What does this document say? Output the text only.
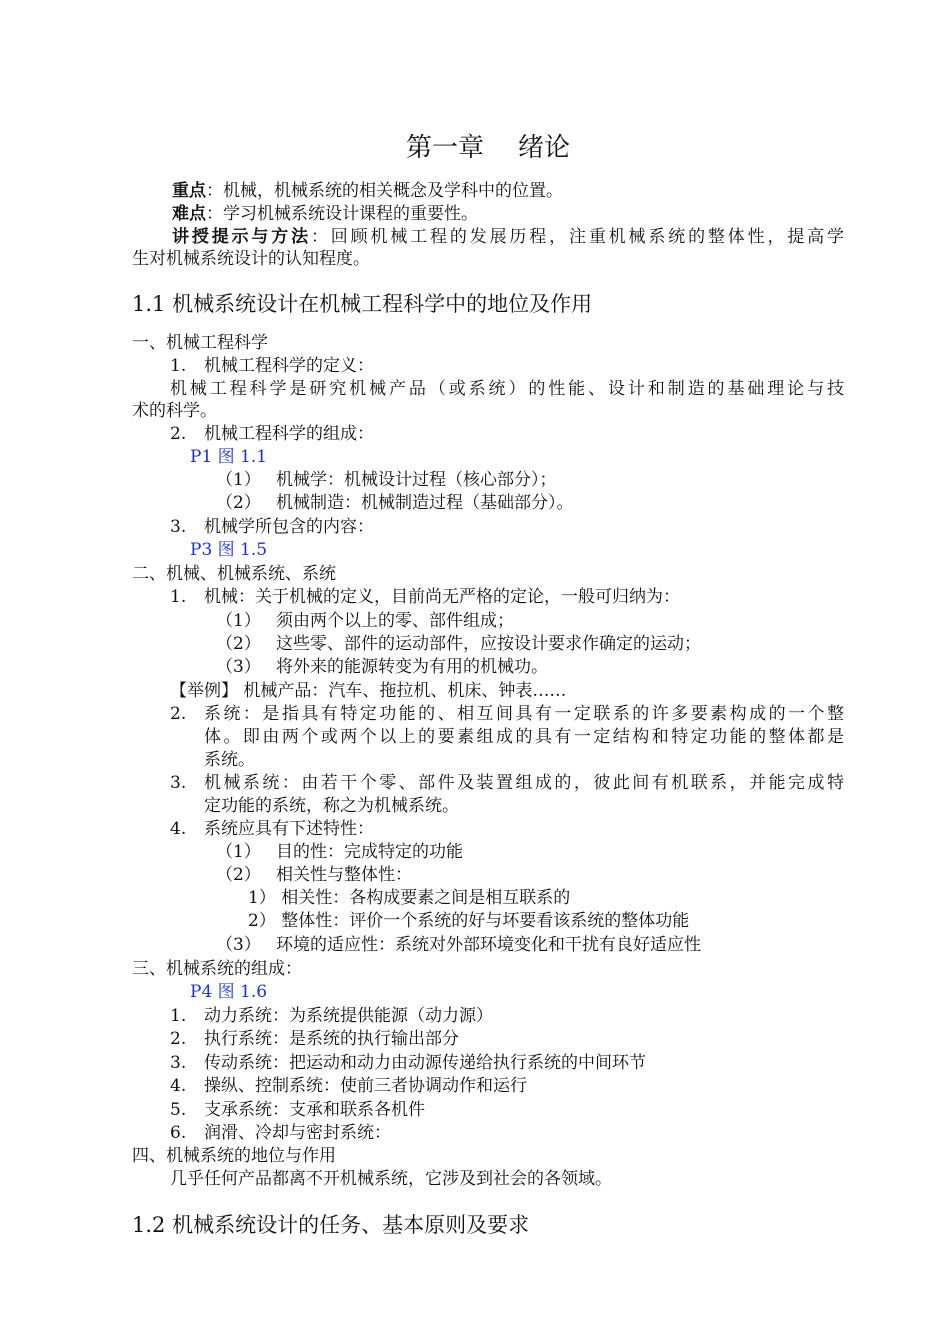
第一章 绪论
重点：机械，机械系统的相关概念及学科中的位置。
难点：学习机械系统设计课程的重要性。
讲授提示与方法：回顾机械工程的发展历程，注重机械系统的整体性，提高学
生对机械系统设计的认知程度。
1.1 机械系统设计在机械工程科学中的地位及作用
一、机械工程科学
1. 机械工程科学的定义：
机械工程科学是研究机械产品（或系统）的性能、设计和制造的基础理论与技
术的科学。
2. 机械工程科学的组成：
P1 图 1.1
（1） 机械学：机械设计过程（核心部分）；
（2） 机械制造：机械制造过程（基础部分）。
3. 机械学所包含的内容：
P3 图 1.5
二、机械、机械系统、系统
1. 机械：关于机械的定义，目前尚无严格的定论，一般可归纳为：
（1） 须由两个以上的零、部件组成；
（2） 这些零、部件的运动部件，应按设计要求作确定的运动；
（3） 将外来的能源转变为有用的机械功。
【举例】 机械产品：汽车、拖拉机、机床、钟表……
2.	系统：是指具有特定功能的、相互间具有一定联系的许多要素构成的一个整
体。即由两个或两个以上的要素组成的具有一定结构和特定功能的整体都是
系统。
3.	机械系统：由若干个零、部件及装置组成的，彼此间有机联系，并能完成特
定功能的系统，称之为机械系统。
4. 系统应具有下述特性：
（1） 目的性：完成特定的功能
（2） 相关性与整体性：
1） 相关性：各构成要素之间是相互联系的
2） 整体性：评价一个系统的好与坏要看该系统的整体功能
（3） 环境的适应性：系统对外部环境变化和干扰有良好适应性
三、机械系统的组成：
P4 图 1.6
1. 动力系统：为系统提供能源（动力源）
2. 执行系统：是系统的执行输出部分
3. 传动系统：把运动和动力由动源传递给执行系统的中间环节
4. 操纵、控制系统：使前三者协调动作和运行
5. 支承系统：支承和联系各机件
6. 润滑、冷却与密封系统：
四、机械系统的地位与作用
几乎任何产品都离不开机械系统，它涉及到社会的各领域。
1.2 机械系统设计的任务、基本原则及要求
